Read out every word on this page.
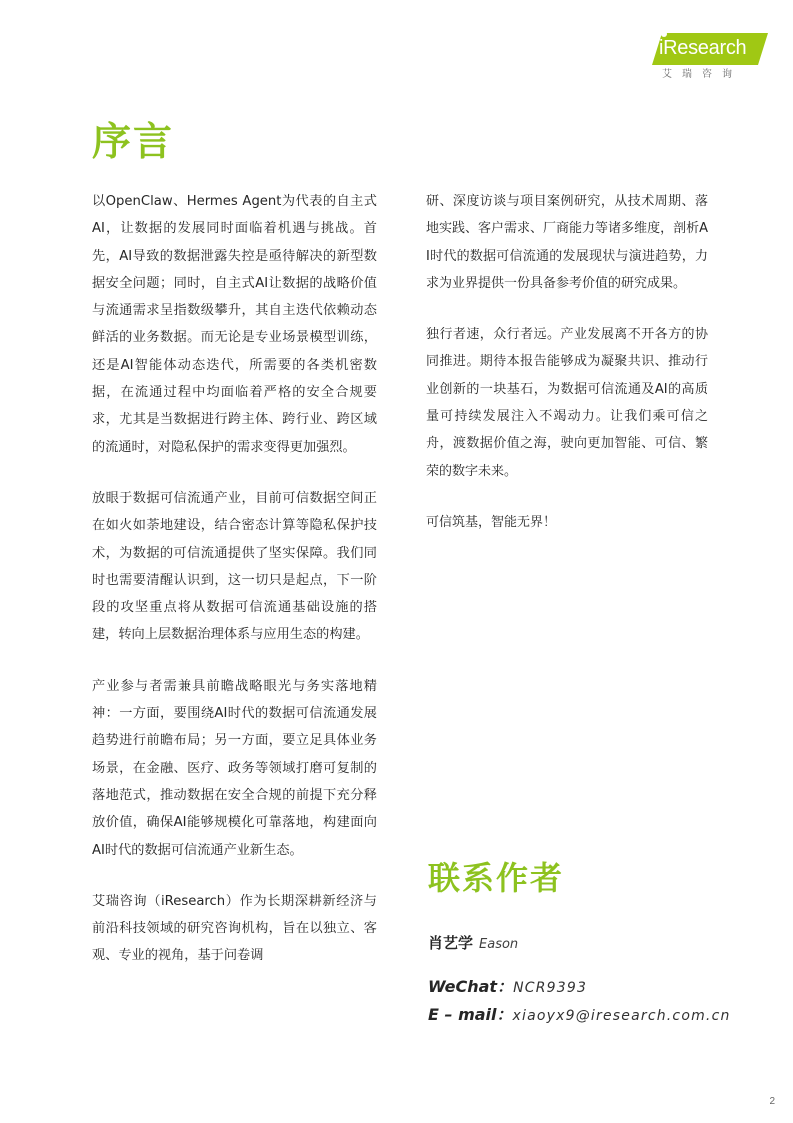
iResearch
艾瑞咨询
序言

以OpenClaw、Hermes Agent为代表的自主式AI，让数据的发展同时面临着机遇与挑战。首先，AI导致的数据泄露失控是亟待解决的新型数据安全问题；同时，自主式AI让数据的战略价值与流通需求呈指数级攀升，其自主迭代依赖动态鲜活的业务数据。而无论是专业场景模型训练，还是AI智能体动态迭代，所需要的各类机密数据，在流通过程中均面临着严格的安全合规要求，尤其是当数据进行跨主体、跨行业、跨区域的流通时，对隐私保护的需求变得更加强烈。

放眼于数据可信流通产业，目前可信数据空间正在如火如荼地建设，结合密态计算等隐私保护技术，为数据的可信流通提供了坚实保障。我们同时也需要清醒认识到，这一切只是起点，下一阶段的攻坚重点将从数据可信流通基础设施的搭建，转向上层数据治理体系与应用生态的构建。

产业参与者需兼具前瞻战略眼光与务实落地精神：一方面，要围绕AI时代的数据可信流通发展趋势进行前瞻布局；另一方面，要立足具体业务场景，在金融、医疗、政务等领域打磨可复制的落地范式，推动数据在安全合规的前提下充分释放价值，确保AI能够规模化可靠落地，构建面向AI时代的数据可信流通产业新生态。

艾瑞咨询（iResearch）作为长期深耕新经济与前沿科技领域的研究咨询机构，旨在以独立、客观、专业的视角，基于问卷调

研、深度访谈与项目案例研究，从技术周期、落地实践、客户需求、厂商能力等诸多维度，剖析AI时代的数据可信流通的发展现状与演进趋势，力求为业界提供一份具备参考价值的研究成果。

独行者速，众行者远。产业发展离不开各方的协同推进。期待本报告能够成为凝聚共识、推动行业创新的一块基石，为数据可信流通及AI的高质量可持续发展注入不竭动力。让我们乘可信之舟，渡数据价值之海，驶向更加智能、可信、繁荣的数字未来。

可信筑基，智能无界！

联系作者
肖艺学 Eason
WeChat：NCR9393
E – mail：xiaoyx9@iresearch.com.cn
2
